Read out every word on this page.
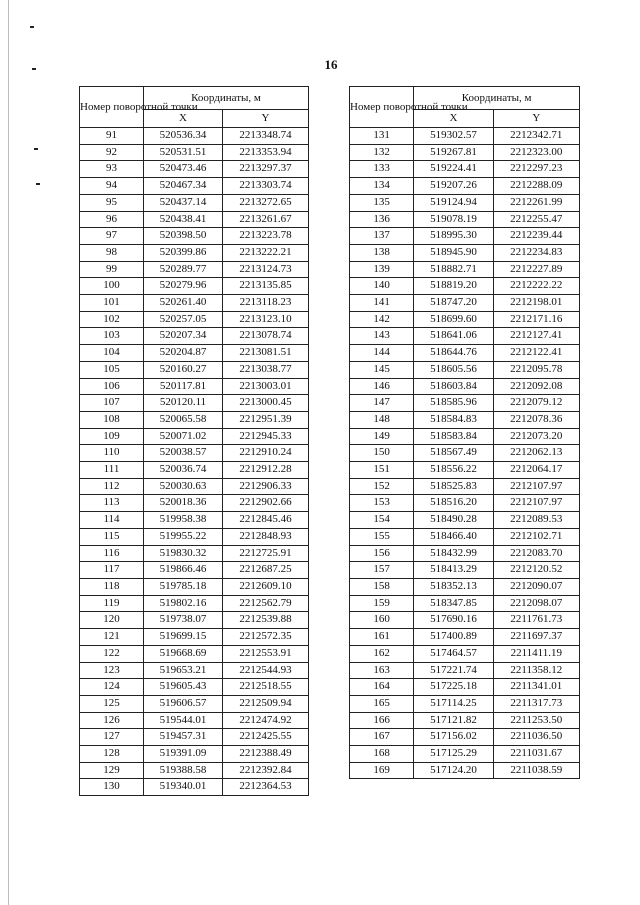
16
Номер поворотной точки	Координаты, м	
	X	Y
91	520536.34	2213348.74
92	520531.51	2213353.94
93	520473.46	2213297.37
94	520467.34	2213303.74
95	520437.14	2213272.65
96	520438.41	2213261.67
97	520398.50	2213223.78
98	520399.86	2213222.21
99	520289.77	2213124.73
100	520279.96	2213135.85
101	520261.40	2213118.23
102	520257.05	2213123.10
103	520207.34	2213078.74
104	520204.87	2213081.51
105	520160.27	2213038.77
106	520117.81	2213003.01
107	520120.11	2213000.45
108	520065.58	2212951.39
109	520071.02	2212945.33
110	520038.57	2212910.24
111	520036.74	2212912.28
112	520030.63	2212906.33
113	520018.36	2212902.66
114	519958.38	2212845.46
115	519955.22	2212848.93
116	519830.32	2212725.91
117	519866.46	2212687.25
118	519785.18	2212609.10
119	519802.16	2212562.79
120	519738.07	2212539.88
121	519699.15	2212572.35
122	519668.69	2212553.91
123	519653.21	2212544.93
124	519605.43	2212518.55
125	519606.57	2212509.94
126	519544.01	2212474.92
127	519457.31	2212425.55
128	519391.09	2212388.49
129	519388.58	2212392.84
130	519340.01	2212364.53
Номер поворотной точки	Координаты, м	
	X	Y
131	519302.57	2212342.71
132	519267.81	2212323.00
133	519224.41	2212297.23
134	519207.26	2212288.09
135	519124.94	2212261.99
136	519078.19	2212255.47
137	518995.30	2212239.44
138	518945.90	2212234.83
139	518882.71	2212227.89
140	518819.20	2212222.22
141	518747.20	2212198.01
142	518699.60	2212171.16
143	518641.06	2212127.41
144	518644.76	2212122.41
145	518605.56	2212095.78
146	518603.84	2212092.08
147	518585.96	2212079.12
148	518584.83	2212078.36
149	518583.84	2212073.20
150	518567.49	2212062.13
151	518556.22	2212064.17
152	518525.83	2212107.97
153	518516.20	2212107.97
154	518490.28	2212089.53
155	518466.40	2212102.71
156	518432.99	2212083.70
157	518413.29	2212120.52
158	518352.13	2212090.07
159	518347.85	2212098.07
160	517690.16	2211761.73
161	517400.89	2211697.37
162	517464.57	2211411.19
163	517221.74	2211358.12
164	517225.18	2211341.01
165	517114.25	2211317.73
166	517121.82	2211253.50
167	517156.02	2211036.50
168	517125.29	2211031.67
169	517124.20	2211038.59
